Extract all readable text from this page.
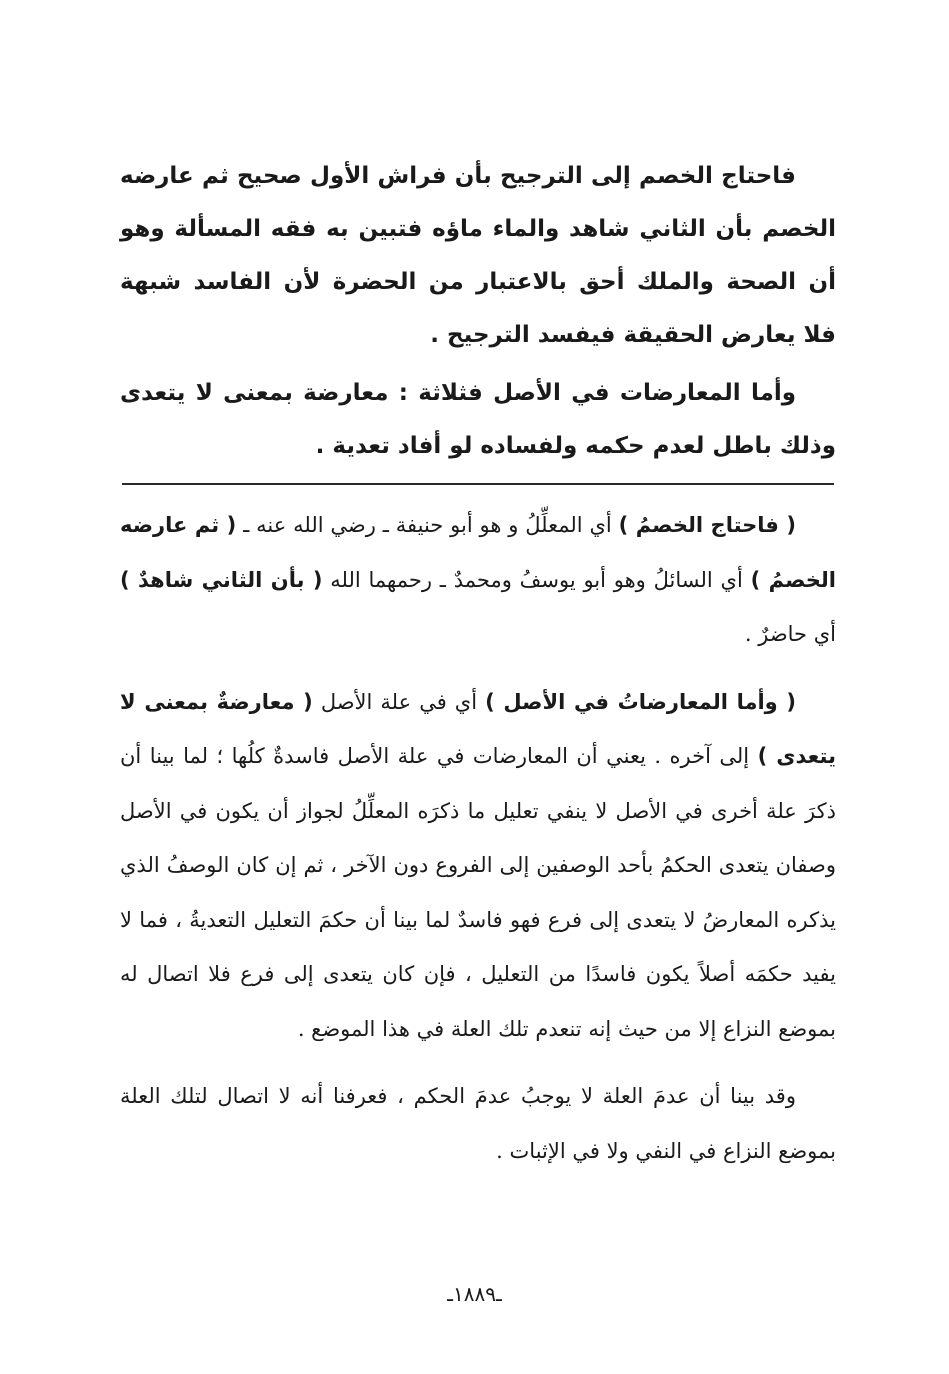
فاحتاج الخصم إلى الترجيح بأن فراش الأول صحيح ثم عارضه الخصم بأن الثاني شاهد والماء ماؤه فتبين به فقه المسألة وهو أن الصحة والملك أحق بالاعتبار من الحضرة لأن الفاسد شبهة فلا يعارض الحقيقة فيفسد الترجيح .

وأما المعارضات في الأصل فثلاثة : معارضة بمعنى لا يتعدى وذلك باطل لعدم حكمه ولفساده لو أفاد تعدية .

( فاحتاج الخصمُ ) أي المعلِّلُ و هو أبو حنيفة ـ رضي الله عنه ـ ( ثم عارضه الخصمُ ) أي السائلُ وهو أبو يوسفُ ومحمدٌ ـ رحمهما الله ( بأن الثاني شاهدٌ ) أي حاضرٌ .

( وأما المعارضاتُ في الأصل ) أي في علة الأصل ( معارضةٌ بمعنى لا يتعدى ) إلى آخره . يعني أن المعارضات في علة الأصل فاسدةٌ كلُها ؛ لما بينا أن ذكرَ علة أخرى في الأصل لا ينفي تعليل ما ذكرَه المعلِّلُ لجواز أن يكون في الأصل وصفان يتعدى الحكمُ بأحد الوصفين إلى الفروع دون الآخر ، ثم إن كان الوصفُ الذي يذكره المعارضُ لا يتعدى إلى فرع فهو فاسدٌ لما بينا أن حكمَ التعليل التعديةُ ، فما لا يفيد حكمَه أصلاً يكون فاسدًا من التعليل ، فإن كان يتعدى إلى فرع فلا اتصال له بموضع النزاع إلا من حيث إنه تنعدم تلك العلة في هذا الموضع .

وقد بينا أن عدمَ العلة لا يوجبُ عدمَ الحكم ، فعرفنا أنه لا اتصال لتلك العلة بموضع النزاع في النفي ولا في الإثبات .

ـ١٨٨٩ـ
